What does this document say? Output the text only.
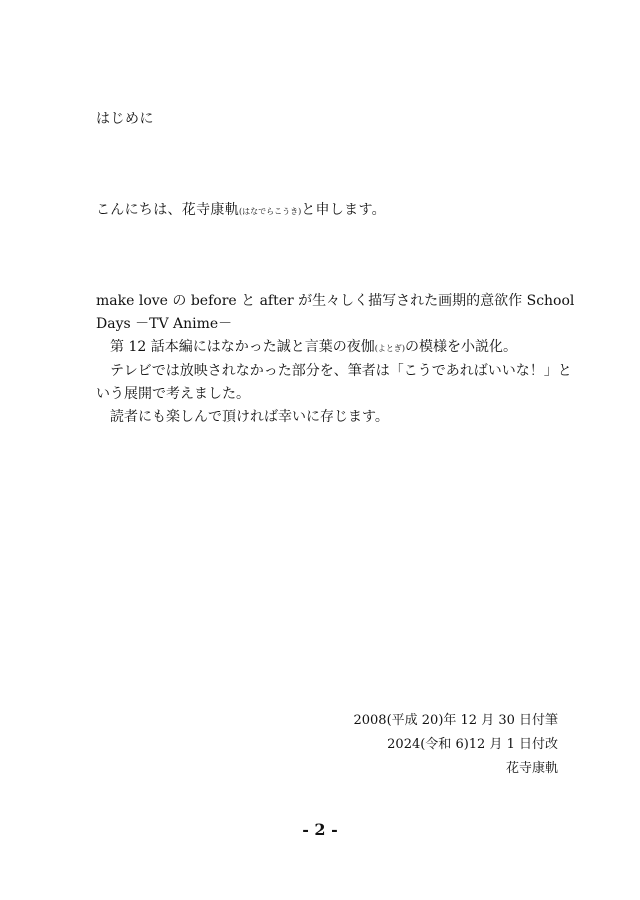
はじめに
こんにちは、花寺康軌(はなでらこうき)と申します。
make love の before と after が生々しく描写された画期的意欲作 School
Days －TV Anime－
第 12 話本編にはなかった誠と言葉の夜伽(よとぎ)の模様を小説化。
テレビでは放映されなかった部分を、筆者は「こうであればいいな！」と
いう展開で考えました。
読者にも楽しんで頂ければ幸いに存じます。
2008(平成 20)年 12 月 30 日付筆
2024(令和 6)12 月 1 日付改
花寺康軌
- 2 -
